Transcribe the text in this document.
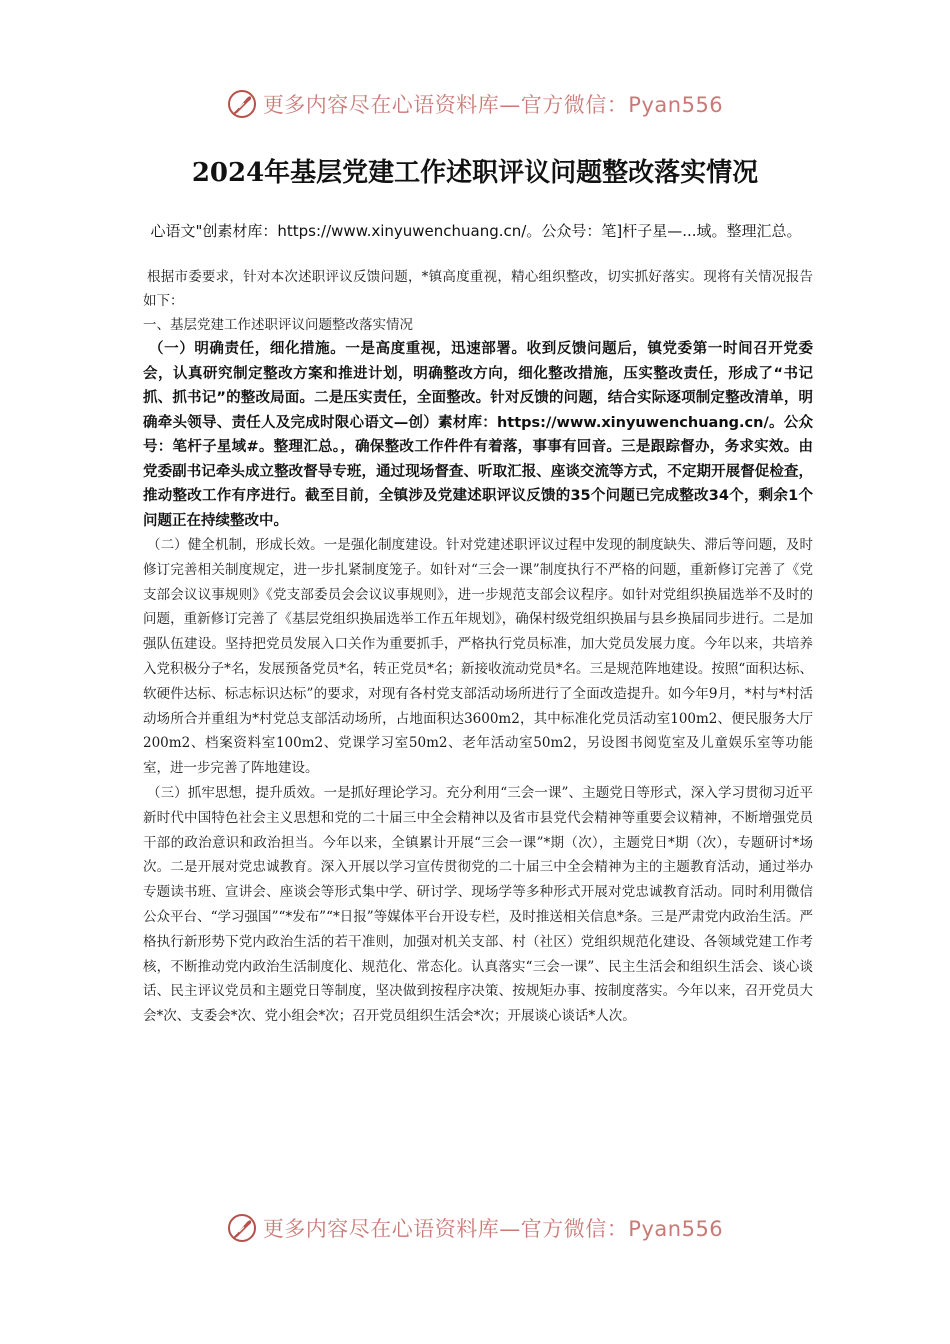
更多内容尽在心语资料库—官方微信：Pyan556
2024年基层党建工作述职评议问题整改落实情况

心语文"创素材库：https://www.xinyuwenchuang.cn/。公众号：笔]杆子星—...域。整理汇总。

根据市委要求，针对本次述职评议反馈问题，*镇高度重视，精心组织整改，切实抓好落实。现将有关情况报告如下：

一、基层党建工作述职评议问题整改落实情况

（一）明确责任，细化措施。一是高度重视，迅速部署。收到反馈问题后，镇党委第一时间召开党委会，认真研究制定整改方案和推进计划，明确整改方向，细化整改措施，压实整改责任，形成了“书记抓、抓书记”的整改局面。二是压实责任，全面整改。针对反馈的问题，结合实际逐项制定整改清单，明确牵头领导、责任人及完成时限心语文—创）素材库：https://www.xinyuwenchuang.cn/。公众号：笔杆子星域#。整理汇总。，确保整改工作件件有着落，事事有回音。三是跟踪督办，务求实效。由党委副书记牵头成立整改督导专班，通过现场督查、听取汇报、座谈交流等方式，不定期开展督促检查，推动整改工作有序进行。截至目前，全镇涉及党建述职评议反馈的35个问题已完成整改34个，剩余1个问题正在持续整改中。

（二）健全机制，形成长效。一是强化制度建设。针对党建述职评议过程中发现的制度缺失、滞后等问题，及时修订完善相关制度规定，进一步扎紧制度笼子。如针对“三会一课”制度执行不严格的问题，重新修订完善了《党支部会议议事规则》《党支部委员会会议议事规则》，进一步规范支部会议程序。如针对党组织换届选举不及时的问题，重新修订完善了《基层党组织换届选举工作五年规划》，确保村级党组织换届与县乡换届同步进行。二是加强队伍建设。坚持把党员发展入口关作为重要抓手，严格执行党员标准，加大党员发展力度。今年以来，共培养入党积极分子*名，发展预备党员*名，转正党员*名；新接收流动党员*名。三是规范阵地建设。按照“面积达标、软硬件达标、标志标识达标”的要求，对现有各村党支部活动场所进行了全面改造提升。如今年9月，*村与*村活动场所合并重组为*村党总支部活动场所，占地面积达3600m2，其中标准化党员活动室100m2、便民服务大厅200m2、档案资料室100m2、党课学习室50m2、老年活动室50m2，另设图书阅览室及儿童娱乐室等功能室，进一步完善了阵地建设。

（三）抓牢思想，提升质效。一是抓好理论学习。充分利用“三会一课”、主题党日等形式，深入学习贯彻习近平新时代中国特色社会主义思想和党的二十届三中全会精神以及省市县党代会精神等重要会议精神，不断增强党员干部的政治意识和政治担当。今年以来，全镇累计开展“三会一课”*期（次），主题党日*期（次），专题研讨*场次。二是开展对党忠诚教育。深入开展以学习宣传贯彻党的二十届三中全会精神为主的主题教育活动，通过举办专题读书班、宣讲会、座谈会等形式集中学、研讨学、现场学等多种形式开展对党忠诚教育活动。同时利用微信公众平台、“学习强国”“*发布”“*日报”等媒体平台开设专栏，及时推送相关信息*条。三是严肃党内政治生活。严格执行新形势下党内政治生活的若干准则，加强对机关支部、村（社区）党组织规范化建设、各领域党建工作考核，不断推动党内政治生活制度化、规范化、常态化。认真落实“三会一课”、民主生活会和组织生活会、谈心谈话、民主评议党员和主题党日等制度，坚决做到按程序决策、按规矩办事、按制度落实。今年以来，召开党员大会*次、支委会*次、党小组会*次；召开党员组织生活会*次；开展谈心谈话*人次。

更多内容尽在心语资料库—官方微信：Pyan556
